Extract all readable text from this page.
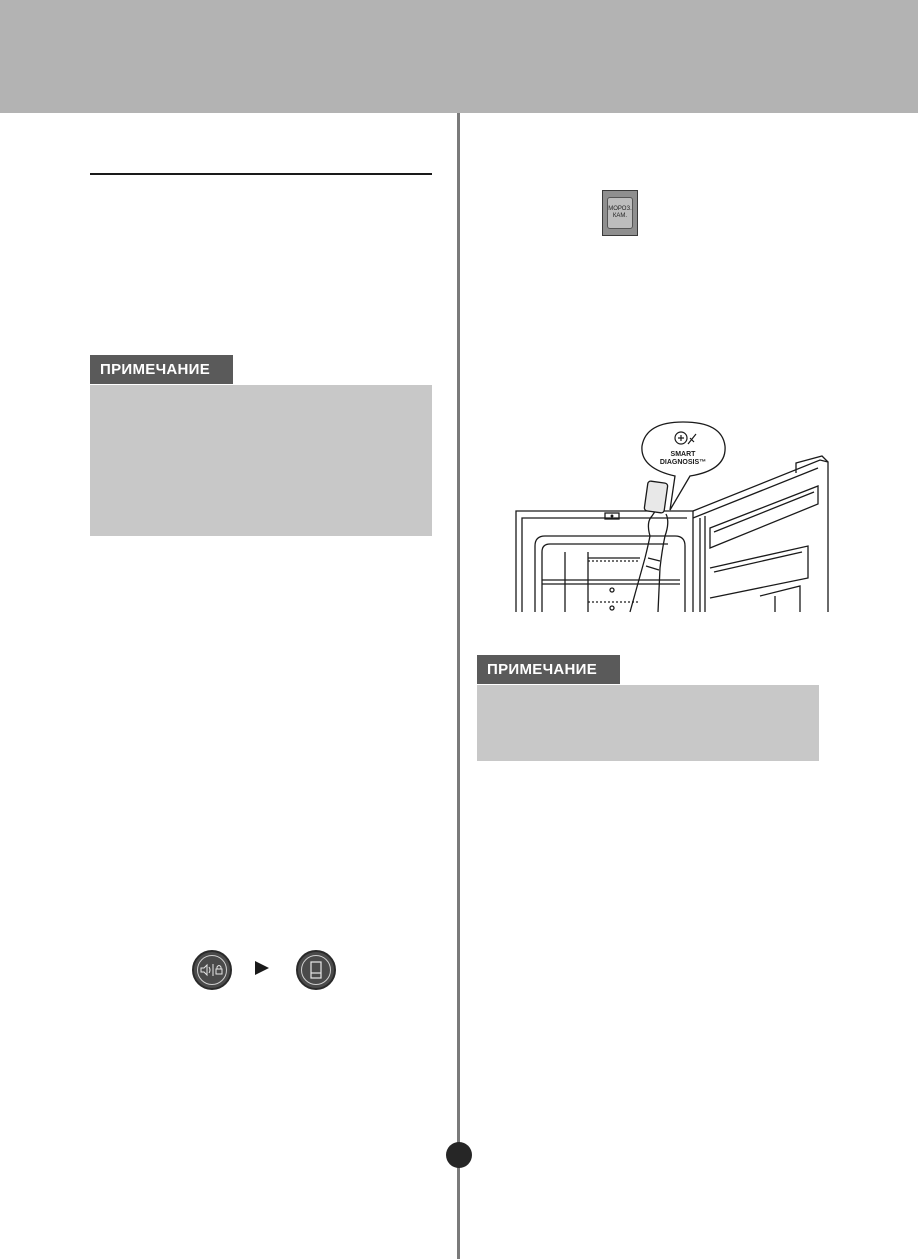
ПРИМЕЧАНИЕ
МОРОЗ.
КАМ.
SMART
DIAGNOSIS™
ПРИМЕЧАНИЕ
